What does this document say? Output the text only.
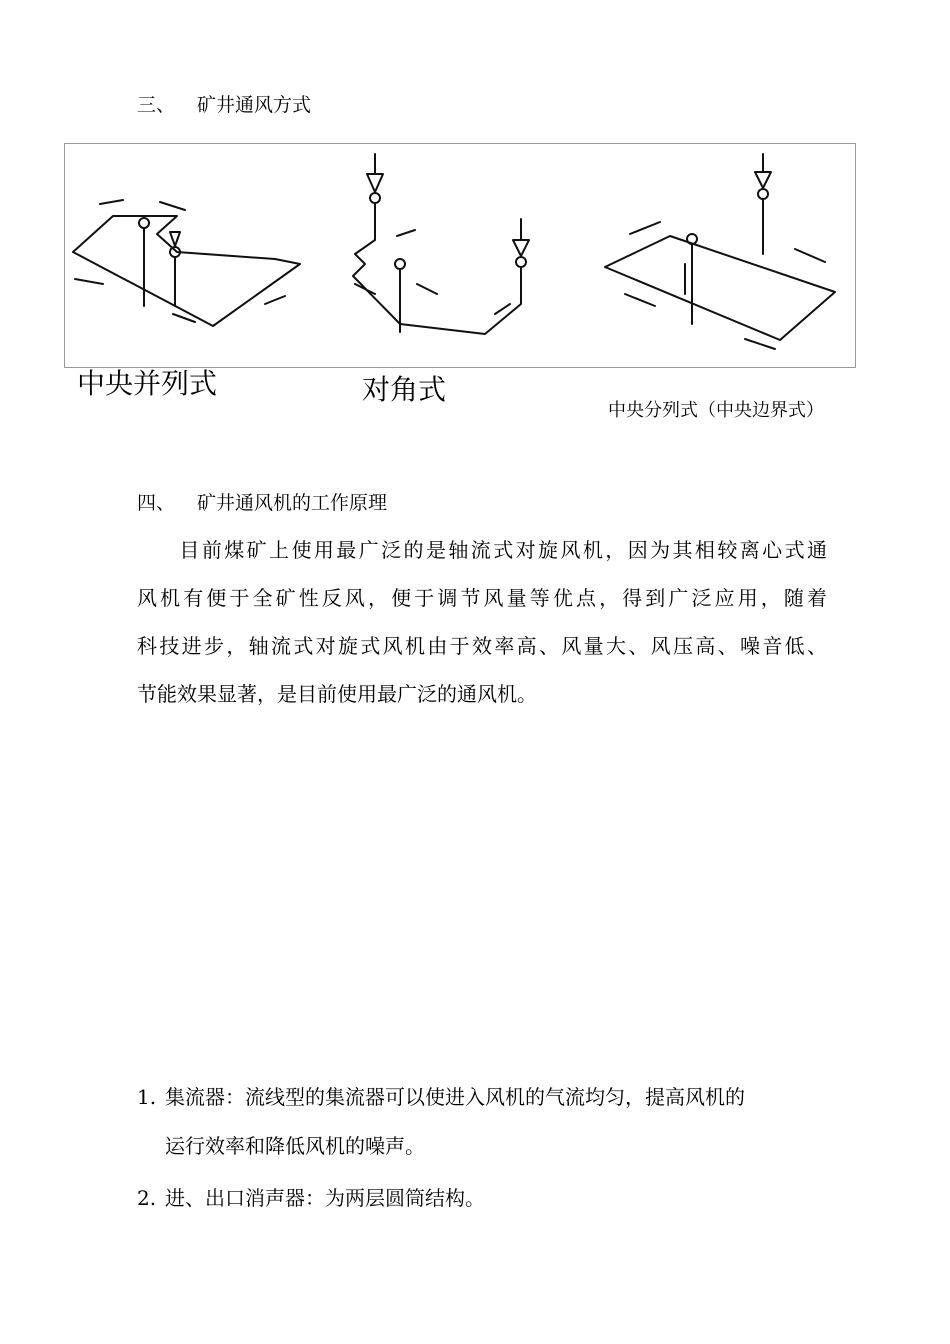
三、 矿井通风方式
中央并列式	对角式
中央分列式（中央边界式）
四、 矿井通风机的工作原理
目前煤矿上使用最广泛的是轴流式对旋风机，因为其相较离心式通
风机有便于全矿性反风，便于调节风量等优点，得到广泛应用，随着
科技进步，轴流式对旋式风机由于效率高、风量大、风压高、噪音低、
节能效果显著，是目前使用最广泛的通风机。
1. 集流器：流线型的集流器可以使进入风机的气流均匀，提高风机的
运行效率和降低风机的噪声。
2. 进、出口消声器：为两层圆筒结构。
